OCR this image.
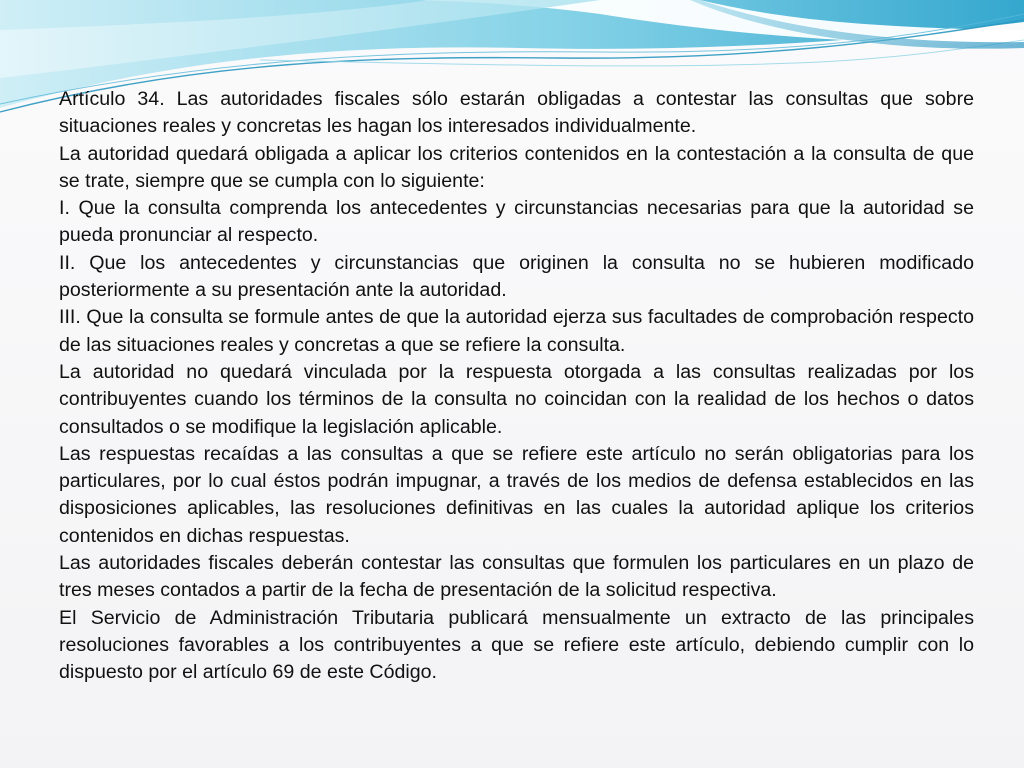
Artículo 34. Las autoridades fiscales sólo estarán obligadas a contestar las consultas que sobre situaciones reales y concretas les hagan los interesados individualmente.

La autoridad quedará obligada a aplicar los criterios contenidos en la contestación a la consulta de que se trate, siempre que se cumpla con lo siguiente:

I. Que la consulta comprenda los antecedentes y circunstancias necesarias para que la autoridad se pueda pronunciar al respecto.

II. Que los antecedentes y circunstancias que originen la consulta no se hubieren modificado posteriormente a su presentación ante la autoridad.

III. Que la consulta se formule antes de que la autoridad ejerza sus facultades de comprobación respecto de las situaciones reales y concretas a que se refiere la consulta.

La autoridad no quedará vinculada por la respuesta otorgada a las consultas realizadas por los contribuyentes cuando los términos de la consulta no coincidan con la realidad de los hechos o datos consultados o se modifique la legislación aplicable.

Las respuestas recaídas a las consultas a que se refiere este artículo no serán obligatorias para los particulares, por lo cual éstos podrán impugnar, a través de los medios de defensa establecidos en las disposiciones aplicables, las resoluciones definitivas en las cuales la autoridad aplique los criterios contenidos en dichas respuestas.

Las autoridades fiscales deberán contestar las consultas que formulen los particulares en un plazo de tres meses contados a partir de la fecha de presentación de la solicitud respectiva.

El Servicio de Administración Tributaria publicará mensualmente un extracto de las principales resoluciones favorables a los contribuyentes a que se refiere este artículo, debiendo cumplir con lo dispuesto por el artículo 69 de este Código.
